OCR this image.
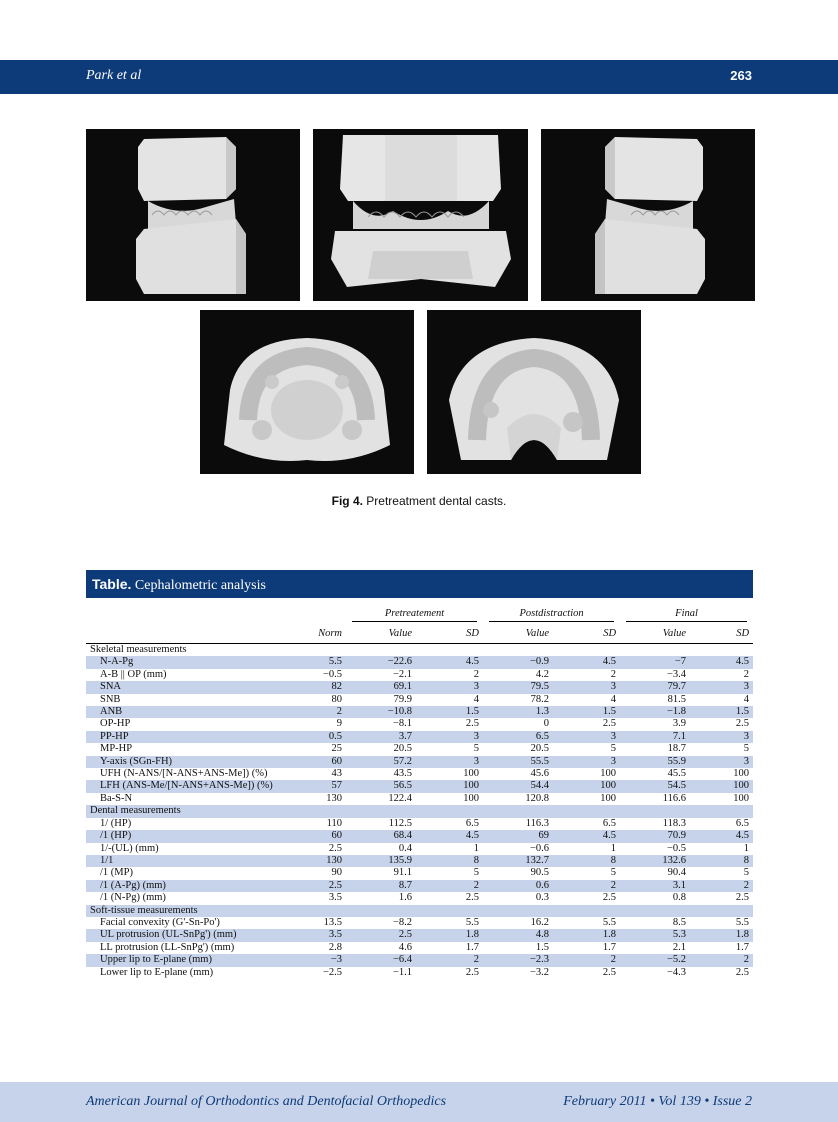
Park et al	263
Fig 4. Pretreatment dental casts.
Table. Cephalometric analysis

		Pretreatement		Postdistraction		Final		

	Norm	Value	SD	Value	SD	Value	SD	
Skeletal measurements								
N-A-Pg	5.5	−22.6	4.5	−0.9	4.5	−7	4.5	
A-B || OP (mm)	−0.5	−2.1	2	4.2	2	−3.4	2	
SNA	82	69.1	3	79.5	3	79.7	3	
SNB	80	79.9	4	78.2	4	81.5	4	
ANB	2	−10.8	1.5	1.3	1.5	−1.8	1.5	
OP-HP	9	−8.1	2.5	0	2.5	3.9	2.5	
PP-HP	0.5	3.7	3	6.5	3	7.1	3	
MP-HP	25	20.5	5	20.5	5	18.7	5	
Y-axis (SGn-FH)	60	57.2	3	55.5	3	55.9	3	
UFH (N-ANS/[N-ANS+ANS-Me]) (%)	43	43.5	100	45.6	100	45.5	100	
LFH (ANS-Me/[N-ANS+ANS-Me]) (%)	57	56.5	100	54.4	100	54.5	100	
Ba-S-N	130	122.4	100	120.8	100	116.6	100	
Dental measurements								
1/ (HP)	110	112.5	6.5	116.3	6.5	118.3	6.5	
/1 (HP)	60	68.4	4.5	69	4.5	70.9	4.5	
1/-(UL) (mm)	2.5	0.4	1	−0.6	1	−0.5	1	
1/1	130	135.9	8	132.7	8	132.6	8	
/1 (MP)	90	91.1	5	90.5	5	90.4	5	
/1 (A-Pg) (mm)	2.5	8.7	2	0.6	2	3.1	2	
/1 (N-Pg) (mm)	3.5	1.6	2.5	0.3	2.5	0.8	2.5	
Soft-tissue measurements								
Facial convexity (G'-Sn-Po')	13.5	−8.2	5.5	16.2	5.5	8.5	5.5	
UL protrusion (UL-SnPg') (mm)	3.5	2.5	1.8	4.8	1.8	5.3	1.8	
LL protrusion (LL-SnPg') (mm)	2.8	4.6	1.7	1.5	1.7	2.1	1.7	
Upper lip to E-plane (mm)	−3	−6.4	2	−2.3	2	−5.2	2	
Lower lip to E-plane (mm)	−2.5	−1.1	2.5	−3.2	2.5	−4.3	2.5	
American Journal of Orthodontics and Dentofacial Orthopedics	February 2011 • Vol 139 • Issue 2
